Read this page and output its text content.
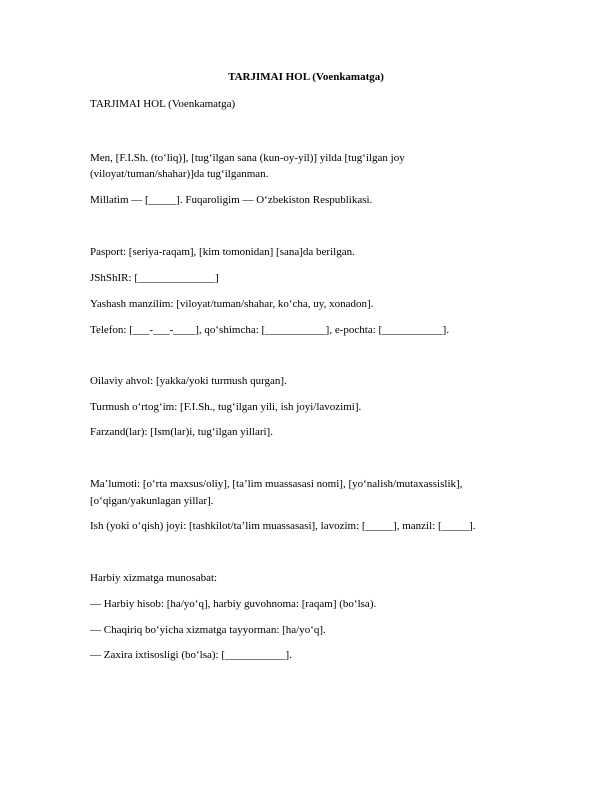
TARJIMAI HOL (Voenkamatga)

TARJIMAI HOL (Voenkamatga)

Men, [F.I.Sh. (to‘liq)], [tug‘ilgan sana (kun-oy-yil)] yilda [tug‘ilgan joy

(viloyat/tuman/shahar)]da tug‘ilganman.

Millatim — [_____]. Fuqaroligim — O‘zbekiston Respublikasi.

Pasport: [seriya-raqam], [kim tomonidan] [sana]da berilgan.

JShShIR: [______________]

Yashash manzilim: [viloyat/tuman/shahar, ko‘cha, uy, xonadon].

Telefon: [___-___-____], qo‘shimcha: [___________], e-pochta: [___________].

Oilaviy ahvol: [yakka/yoki turmush qurgan].

Turmush o‘rtog‘im: [F.I.Sh., tug‘ilgan yili, ish joyi/lavozimi].

Farzand(lar): [Ism(lar)i, tug‘ilgan yillari].

Ma’lumoti: [o‘rta maxsus/oliy], [ta’lim muassasasi nomi], [yo‘nalish/mutaxassislik],

[o‘qigan/yakunlagan yillar].

Ish (yoki o‘qish) joyi: [tashkilot/ta’lim muassasasi], lavozim: [_____], manzil: [_____].

Harbiy xizmatga munosabat:

— Harbiy hisob: [ha/yo‘q], harbiy guvohnoma: [raqam] (bo‘lsa).

— Chaqiriq bo‘yicha xizmatga tayyorman: [ha/yo‘q].

— Zaxira ixtisosligi (bo‘lsa): [___________].
